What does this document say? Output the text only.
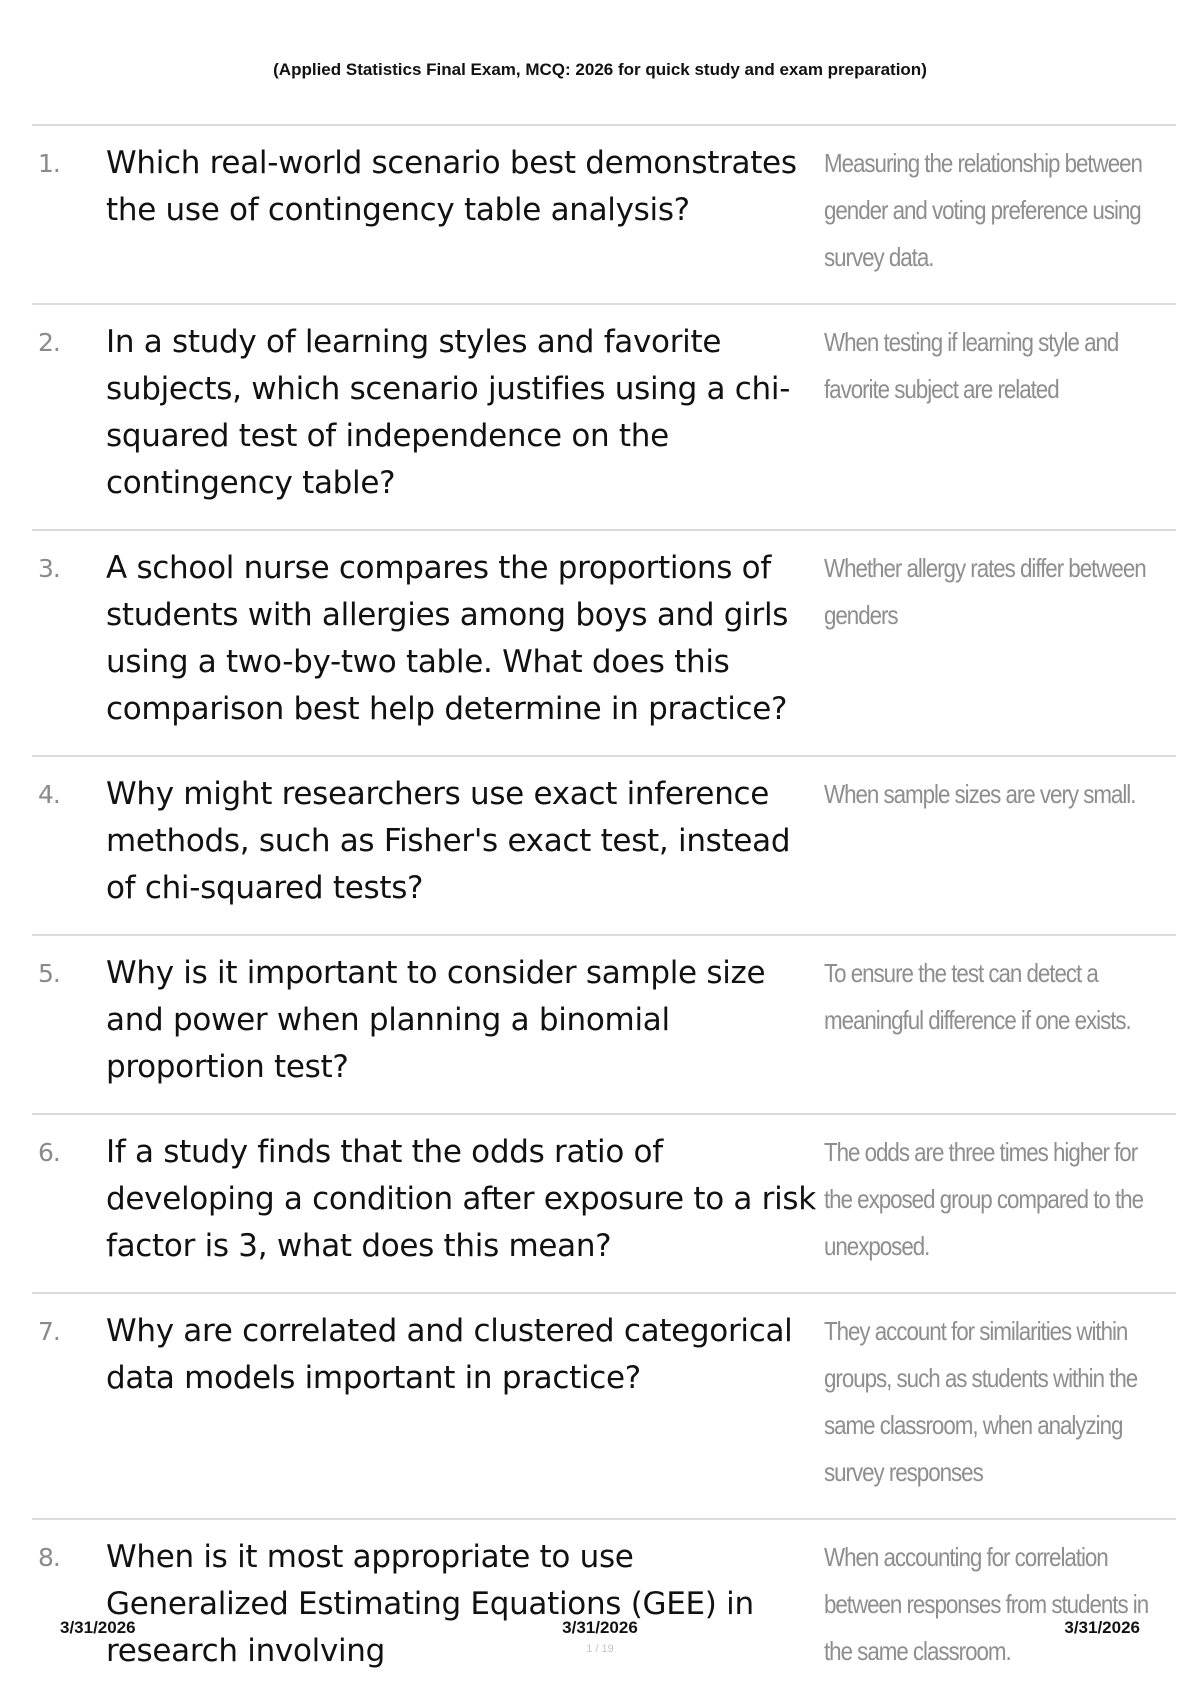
(Applied Statistics Final Exam, MCQ: 2026 for quick study and exam preparation)
1.	Which real-world scenario best demonstrates the use of contingency table analysis?
Measuring the relationship between gender and voting preference using survey data.
2.	In a study of learning styles and favorite subjects, which scenario justifies using a chi-squared test of independence on the contingency table?
When testing if learning style and favorite subject are related
3.	A school nurse compares the proportions of students with allergies among boys and girls using a two-by-two table. What does this comparison best help determine in practice?
Whether allergy rates differ between genders
4.	Why might researchers use exact inference methods, such as Fisher's exact test, instead of chi-squared tests?
When sample sizes are very small.
5.	Why is it important to consider sample size and power when planning a binomial proportion test?
To ensure the test can detect a meaningful difference if one exists.
6.	If a study finds that the odds ratio of developing a condition after exposure to a risk factor is 3, what does this mean?
The odds are three times higher for the exposed group compared to the unexposed.
7.	Why are correlated and clustered categorical data models important in practice?
They account for similarities within groups, such as students within the same classroom, when analyzing survey responses
8.	When is it most appropriate to use Generalized Estimating Equations (GEE) in research involving
When accounting for correlation between responses from students in the same classroom.
3/31/2026	3/31/2026	3/31/2026
1 / 19
